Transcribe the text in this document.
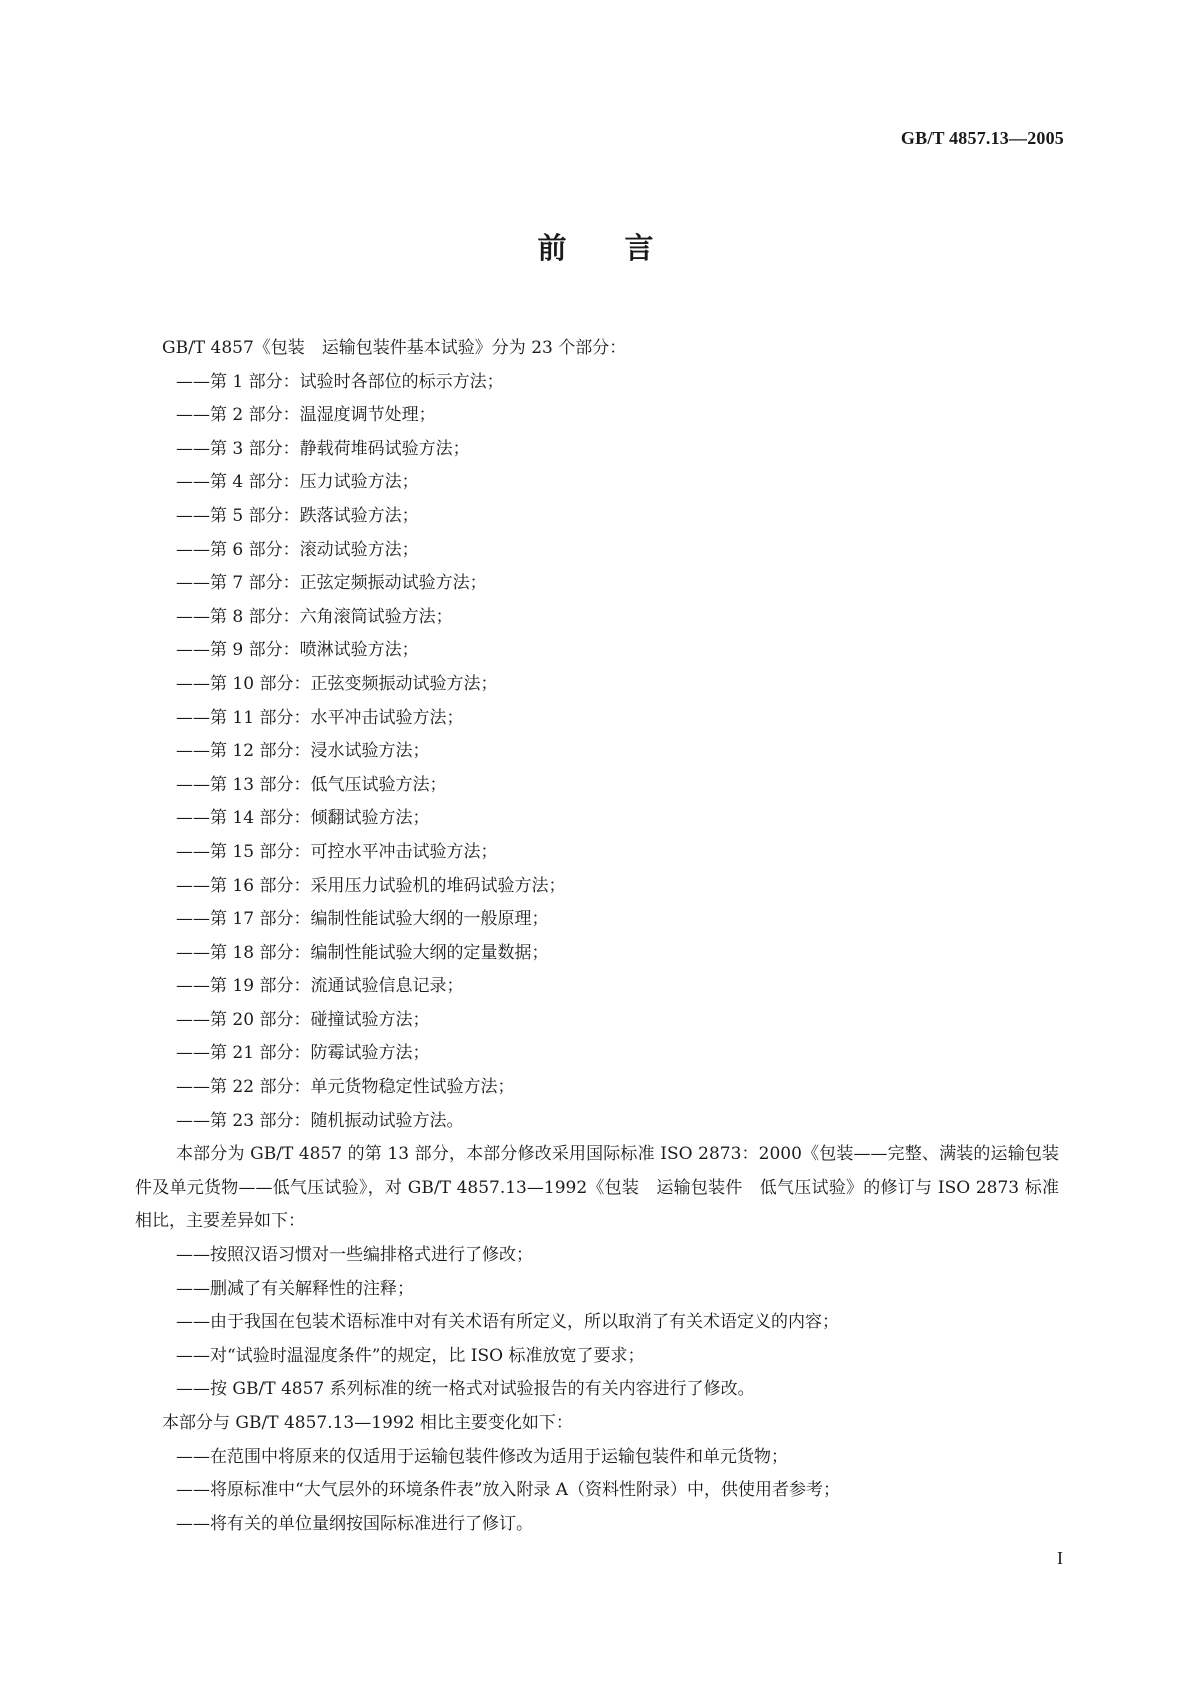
GB/T 4857.13—2005
前言
GB/T 4857《包装　运输包装件基本试验》分为 23 个部分：
——第 1 部分：试验时各部位的标示方法；
——第 2 部分：温湿度调节处理；
——第 3 部分：静载荷堆码试验方法；
——第 4 部分：压力试验方法；
——第 5 部分：跌落试验方法；
——第 6 部分：滚动试验方法；
——第 7 部分：正弦定频振动试验方法；
——第 8 部分：六角滚筒试验方法；
——第 9 部分：喷淋试验方法；
——第 10 部分：正弦变频振动试验方法；
——第 11 部分：水平冲击试验方法；
——第 12 部分：浸水试验方法；
——第 13 部分：低气压试验方法；
——第 14 部分：倾翻试验方法；
——第 15 部分：可控水平冲击试验方法；
——第 16 部分：采用压力试验机的堆码试验方法；
——第 17 部分：编制性能试验大纲的一般原理；
——第 18 部分：编制性能试验大纲的定量数据；
——第 19 部分：流通试验信息记录；
——第 20 部分：碰撞试验方法；
——第 21 部分：防霉试验方法；
——第 22 部分：单元货物稳定性试验方法；
——第 23 部分：随机振动试验方法。
本部分为 GB/T 4857 的第 13 部分，本部分修改采用国际标准 ISO 2873：2000《包装——完整、满装的运输包装件及单元货物——低气压试验》，对 GB/T 4857.13—1992《包装　运输包装件　低气压试验》的修订与 ISO 2873 标准相比，主要差异如下：
——按照汉语习惯对一些编排格式进行了修改；
——删减了有关解释性的注释；
——由于我国在包装术语标准中对有关术语有所定义，所以取消了有关术语定义的内容；
——对“试验时温湿度条件”的规定，比 ISO 标准放宽了要求；
——按 GB/T 4857 系列标准的统一格式对试验报告的有关内容进行了修改。
本部分与 GB/T 4857.13—1992 相比主要变化如下：
——在范围中将原来的仅适用于运输包装件修改为适用于运输包装件和单元货物；
——将原标准中“大气层外的环境条件表”放入附录 A（资料性附录）中，供使用者参考；
——将有关的单位量纲按国际标准进行了修订。
I
